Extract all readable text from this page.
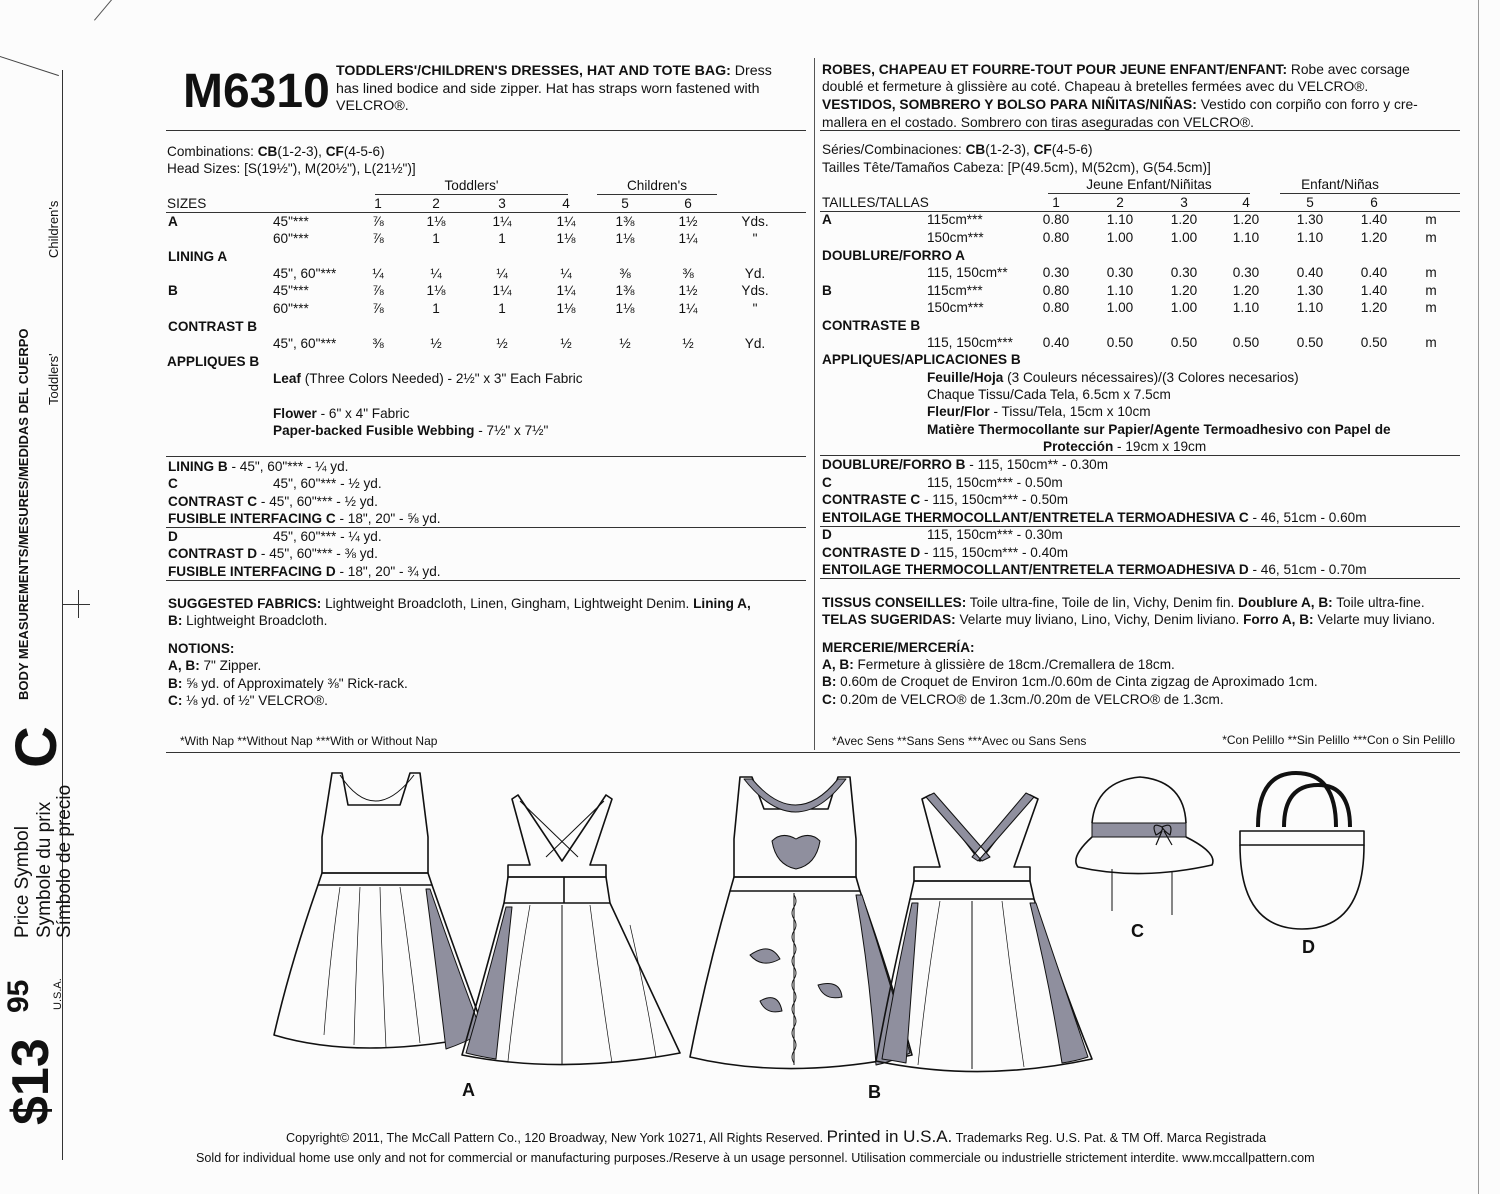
BODY MEASUREMENTS/MESURES/MEDIDAS DEL CUERPO Toddlers'
Children's
C
Price Symbol Symbole du prix Símbolo de precio
$13
95 U.S.A.
M6310 TODDLERS'/CHILDREN'S DRESSES, HAT AND TOTE BAG: Dress
has lined bodice and side zipper. Hat has straps worn fastened with
VELCRO®.
ROBES, CHAPEAU ET FOURRE-TOUT POUR JEUNE ENFANT/ENFANT: Robe avec corsage
doublé et fermeture à glissière au coté. Chapeau à bretelles fermées avec du VELCRO®.
VESTIDOS, SOMBRERO Y BOLSO PARA NIÑITAS/NIÑAS: Vestido con corpiño con forro y cre-
mallera en el costado. Sombrero con tiras aseguradas con VELCRO®.
Combinations: CB(1-2-3), CF(4-5-6)
Head Sizes: [S(19½"), M(20½"), L(21½")]
Toddlers'	Children's
SIZES	1	2	3	4	5	6
A	45"***	⅞	1⅛	1¼	1¼	1⅜	1½	Yds.
60"***	⅞	1	1	1⅛	1⅛	1¼	"
LINING A
45", 60"***	¼	¼	¼	¼	⅜	⅜	Yd.
B	45"***	⅞	1⅛	1¼	1¼	1⅜	1½	Yds.
60"***	⅞	1	1	1⅛	1⅛	1¼	"
CONTRAST B
45", 60"***	⅜	½	½	½	½	½	Yd.
APPLIQUES B
Leaf (Three Colors Needed) - 2½" x 3" Each Fabric
Flower - 6" x 4" Fabric
Paper-backed Fusible Webbing - 7½" x 7½"
LINING B - 45", 60"*** - ¼ yd.
C	45", 60"*** - ½ yd.
CONTRAST C - 45", 60"*** - ½ yd.
FUSIBLE INTERFACING C - 18", 20" - ⅝ yd.
D	45", 60"*** - ¼ yd.
CONTRAST D - 45", 60"*** - ⅜ yd.
FUSIBLE INTERFACING D - 18", 20" - ¾ yd.
SUGGESTED FABRICS: Lightweight Broadcloth, Linen, Gingham, Lightweight Denim. Lining A,
B: Lightweight Broadcloth.
NOTIONS:
A, B: 7" Zipper.
B: ⅝ yd. of Approximately ⅜" Rick-rack.
C: ⅛ yd. of ½" VELCRO®.
*With Nap **Without Nap ***With or Without Nap
Séries/Combinaciones: CB(1-2-3), CF(4-5-6)
Tailles Tête/Tamaños Cabeza: [P(49.5cm), M(52cm), G(54.5cm)]
Jeune Enfant/Niñitas	Enfant/Niñas
TAILLES/TALLAS	1	2	3	4	5	6
A	115cm***	0.80	1.10	1.20	1.20	1.30	1.40	m
150cm***	0.80	1.00	1.00	1.10	1.10	1.20	m
DOUBLURE/FORRO A
115, 150cm**	0.30	0.30	0.30	0.30	0.40	0.40	m
B	115cm***	0.80	1.10	1.20	1.20	1.30	1.40	m
150cm***	0.80	1.00	1.00	1.10	1.10	1.20	m
CONTRASTE B
115, 150cm***	0.40	0.50	0.50	0.50	0.50	0.50	m
APPLIQUES/APLICACIONES B
Feuille/Hoja (3 Couleurs nécessaires)/(3 Colores necesarios)
Chaque Tissu/Cada Tela, 6.5cm x 7.5cm
Fleur/Flor - Tissu/Tela, 15cm x 10cm
Matière Thermocollante sur Papier/Agente Termoadhesivo con Papel de
Protección - 19cm x 19cm
DOUBLURE/FORRO B - 115, 150cm** - 0.30m
C	115, 150cm*** - 0.50m
CONTRASTE C - 115, 150cm*** - 0.50m
ENTOILAGE THERMOCOLLANT/ENTRETELA TERMOADHESIVA C - 46, 51cm - 0.60m
D	115, 150cm*** - 0.30m
CONTRASTE D - 115, 150cm*** - 0.40m
ENTOILAGE THERMOCOLLANT/ENTRETELA TERMOADHESIVA D - 46, 51cm - 0.70m
TISSUS CONSEILLES: Toile ultra-fine, Toile de lin, Vichy, Denim fin. Doublure A, B: Toile ultra-fine.
TELAS SUGERIDAS: Velarte muy liviano, Lino, Vichy, Denim liviano. Forro A, B: Velarte muy liviano.
MERCERIE/MERCERÍA:
A, B: Fermeture à glissière de 18cm./Cremallera de 18cm.
B: 0.60m de Croquet de Environ 1cm./0.60m de Cinta zigzag de Aproximado 1cm.
C: 0.20m de VELCRO® de 1.3cm./0.20m de VELCRO® de 1.3cm.
*Avec Sens **Sans Sens ***Avec ou Sans Sens	*Con Pelillo **Sin Pelillo ***Con o Sin Pelillo
A	B
C
D
Copyright© 2011, The McCall Pattern Co., 120 Broadway, New York 10271, All Rights Reserved. Printed in U.S.A. Trademarks Reg. U.S. Pat. & TM Off. Marca Registrada
Sold for individual home use only and not for commercial or manufacturing purposes./Reserve à un usage personnel. Utilisation commerciale ou industrielle strictement interdite. www.mccallpattern.com
